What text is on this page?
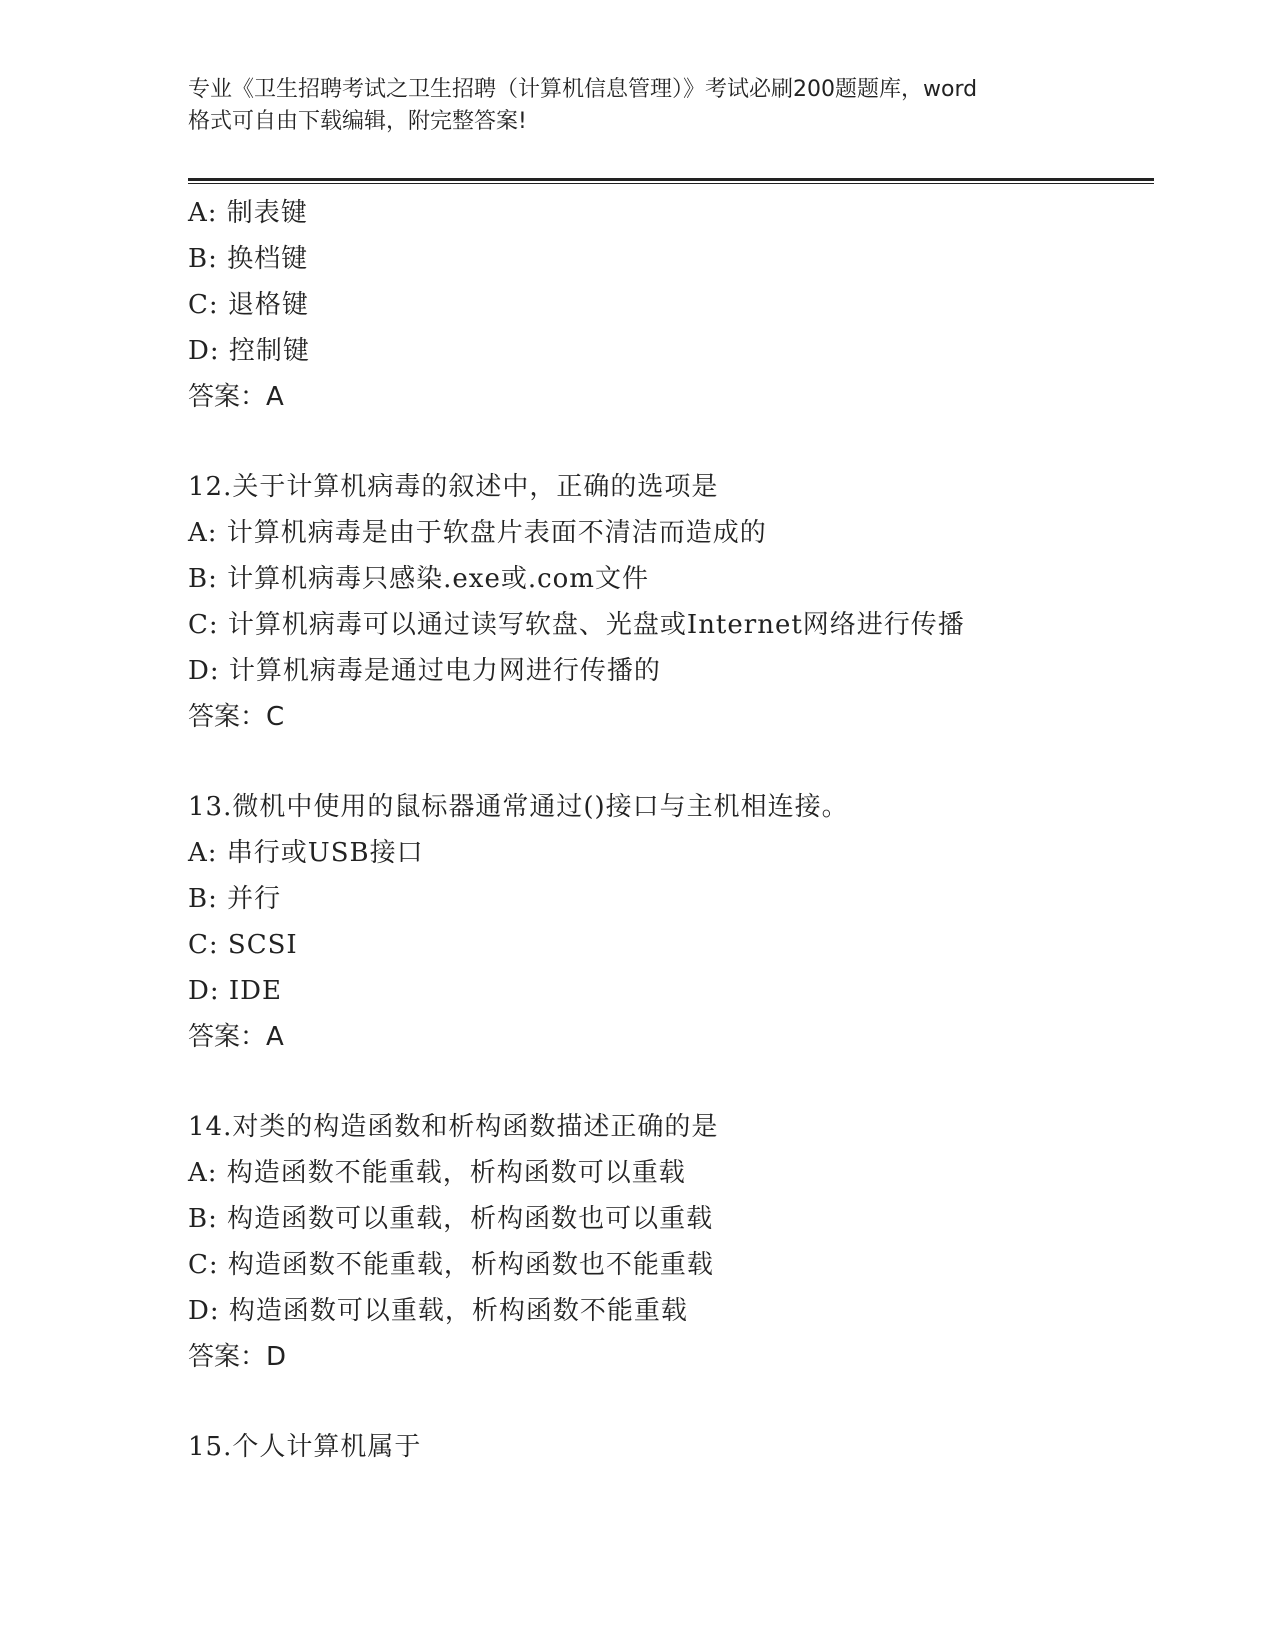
专业《卫生招聘考试之卫生招聘（计算机信息管理）》考试必刷200题题库，word
格式可自由下载编辑，附完整答案!
A: 制表键
B: 换档键
C: 退格键
D: 控制键
答案：A
12.关于计算机病毒的叙述中，正确的选项是
A: 计算机病毒是由于软盘片表面不清洁而造成的
B: 计算机病毒只感染.exe或.com文件
C: 计算机病毒可以通过读写软盘、光盘或Internet网络进行传播
D: 计算机病毒是通过电力网进行传播的
答案：C
13.微机中使用的鼠标器通常通过()接口与主机相连接。
A: 串行或USB接口
B: 并行
C: SCSI
D: IDE
答案：A
14.对类的构造函数和析构函数描述正确的是
A: 构造函数不能重载，析构函数可以重载
B: 构造函数可以重载，析构函数也可以重载
C: 构造函数不能重载，析构函数也不能重载
D: 构造函数可以重载，析构函数不能重载
答案：D
15.个人计算机属于
